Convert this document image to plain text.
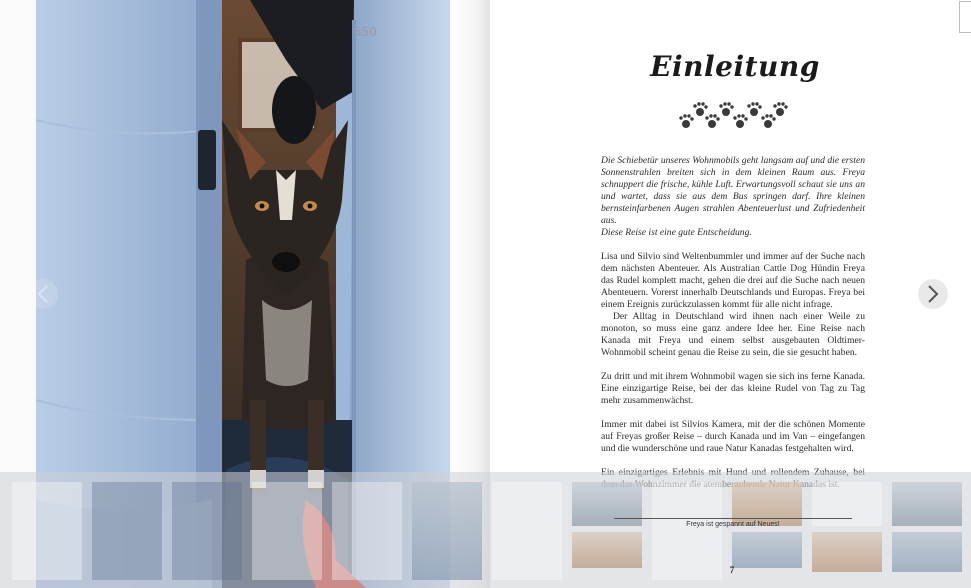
550
Einleitung

Die Schiebetür unseres Wohnmobils geht langsam auf und die ersten Sonnenstrahlen breiten sich in dem kleinen Raum aus. Freya schnuppert die frische, kühle Luft. Erwartungsvoll schaut sie uns an und wartet, dass sie aus dem Bus springen darf. Ihre kleinen bernsteinfarbenen Augen strahlen Abenteuerlust und Zufriedenheit aus.

Diese Reise ist eine gute Entscheidung.

Lisa und Silvio sind Weltenbummler und immer auf der Suche nach dem nächsten Abenteuer. Als Australian Cattle Dog Hündin Freya das Rudel komplett macht, gehen die drei auf die Suche nach neuen Abenteuern. Vorerst innerhalb Deutschlands und Europas. Freya bei einem Ereignis zurückzulassen kommt für alle nicht infrage.

Der Alltag in Deutschland wird ihnen nach einer Weile zu monoton, so muss eine ganz andere Idee her. Eine Reise nach Kanada mit Freya und einem selbst ausgebauten Oldtimer-Wohnmobil scheint genau die Reise zu sein, die sie gesucht haben.

Zu dritt und mit ihrem Wohnmobil wagen sie sich ins ferne Kanada. Eine einzigartige Reise, bei der das kleine Rudel von Tag zu Tag mehr zusammenwächst.

Immer mit dabei ist Silvios Kamera, mit der die schönen Momente auf Freyas großer Reise – durch Kanada und im Van – eingefangen und die wunderschöne und raue Natur Kanadas festgehalten wird.

Freya ist gespannt auf Neues!
7
